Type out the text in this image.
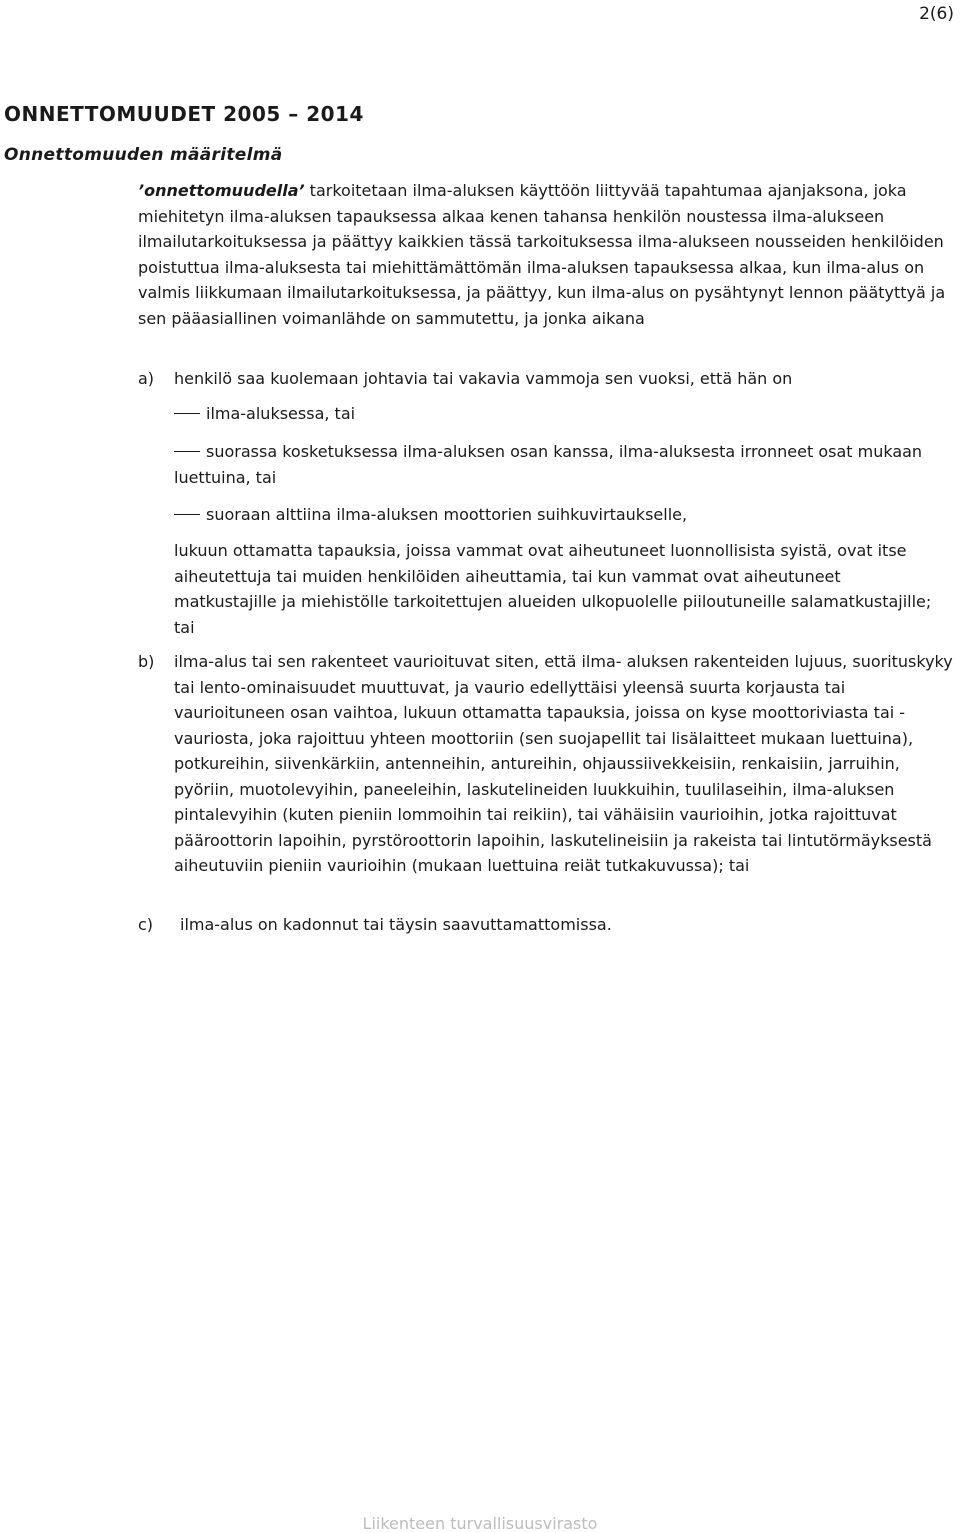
2(6)
ONNETTOMUUDET 2005 – 2014
Onnettomuuden määritelmä
’onnettomuudella’ tarkoitetaan ilma-aluksen käyttöön liittyvää tapahtumaa ajanjaksona, joka miehitetyn ilma-aluksen tapauksessa alkaa kenen tahansa henkilön noustessa ilma-alukseen ilmailutarkoituksessa ja päättyy kaikkien tässä tarkoituksessa ilma-alukseen nousseiden henkilöiden poistuttua ilma-aluksesta tai miehittämättömän ilma-aluksen tapauksessa alkaa, kun ilma-alus on valmis liikkumaan ilmailutarkoituksessa, ja päättyy, kun ilma-alus on pysähtynyt lennon päätyttyä ja sen pääasiallinen voimanlähde on sammutettu, ja jonka aikana
a) henkilö saa kuolemaan johtavia tai vakavia vammoja sen vuoksi, että hän on
ilma-aluksessa, tai
suorassa kosketuksessa ilma-aluksen osan kanssa, ilma-aluksesta irronneet osat mukaan luettuina, tai
suoraan alttiina ilma-aluksen moottorien suihkuvirtaukselle,
lukuun ottamatta tapauksia, joissa vammat ovat aiheutuneet luonnollisista syistä, ovat itse aiheutettuja tai muiden henkilöiden aiheuttamia, tai kun vammat ovat aiheutuneet matkustajille ja miehistölle tarkoitettujen alueiden ulkopuolelle piiloutuneille salamatkustajille; tai
b) ilma-alus tai sen rakenteet vaurioituvat siten, että ilma- aluksen rakenteiden lujuus, suorituskyky tai lento-ominaisuudet muuttuvat, ja vaurio edellyttäisi yleensä suurta korjausta tai vaurioituneen osan vaihtoa, lukuun ottamatta tapauksia, joissa on kyse moottoriviasta tai -vauriosta, joka rajoittuu yhteen moottoriin (sen suojapellit tai lisälaitteet mukaan luettuina), potkureihin, siivenkärkiin, antenneihin, antureihin, ohjaussiivekkeisiin, renkaisiin, jarruihin, pyöriin, muotolevyihin, paneeleihin, laskutelineiden luukkuihin, tuulilaseihin, ilma-aluksen pintalevyihin (kuten pieniin lommoihin tai reikiin), tai vähäisiin vaurioihin, jotka rajoittuvat pääroottorin lapoihin, pyrstöroottorin lapoihin, laskutelineisiin ja rakeista tai lintutörmäyksestä aiheutuviin pieniin vaurioihin (mukaan luettuina reiät tutkakuvussa); tai
c) ilma-alus on kadonnut tai täysin saavuttamattomissa.
Liikenteen turvallisuusvirasto
